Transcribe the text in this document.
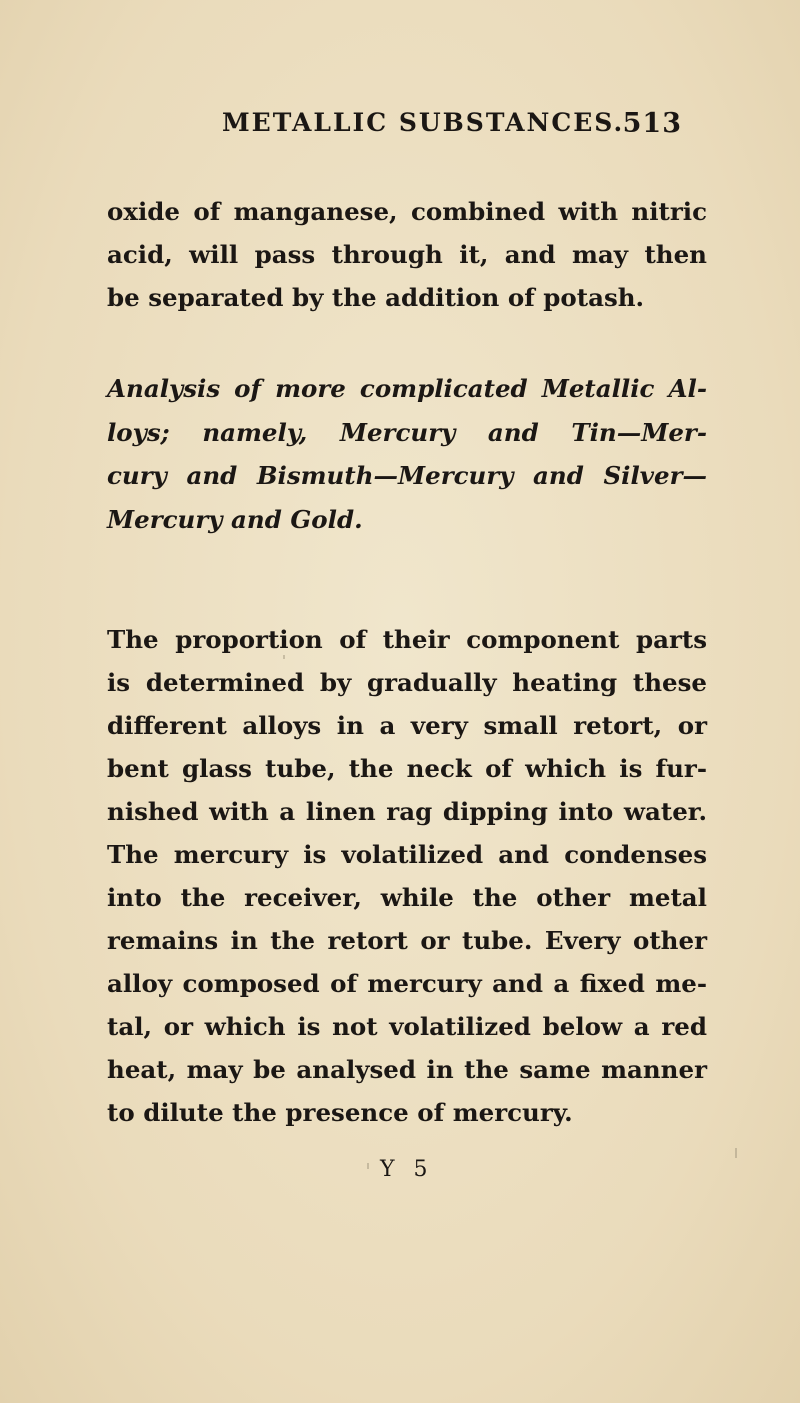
METALLIC SUBSTANCES.
513
oxide of manganese, combined with nitric
acid, will pass through it, and may then
be separated by the addition of potash.
Analysis of more complicated Metallic Al-
loys; namely, Mercury and Tin—Mer-
cury and Bismuth—Mercury and Silver—
Mercury and Gold.
The proportion of their component parts
is determined by gradually heating these
different alloys in a very small retort, or
bent glass tube, the neck of which is fur-
nished with a linen rag dipping into water.
The mercury is volatilized and condenses
into the receiver, while the other metal
remains in the retort or tube. Every other
alloy composed of mercury and a fixed me-
tal, or which is not volatilized below a red
heat, may be analysed in the same manner
to dilute the presence of mercury.
Y 5
